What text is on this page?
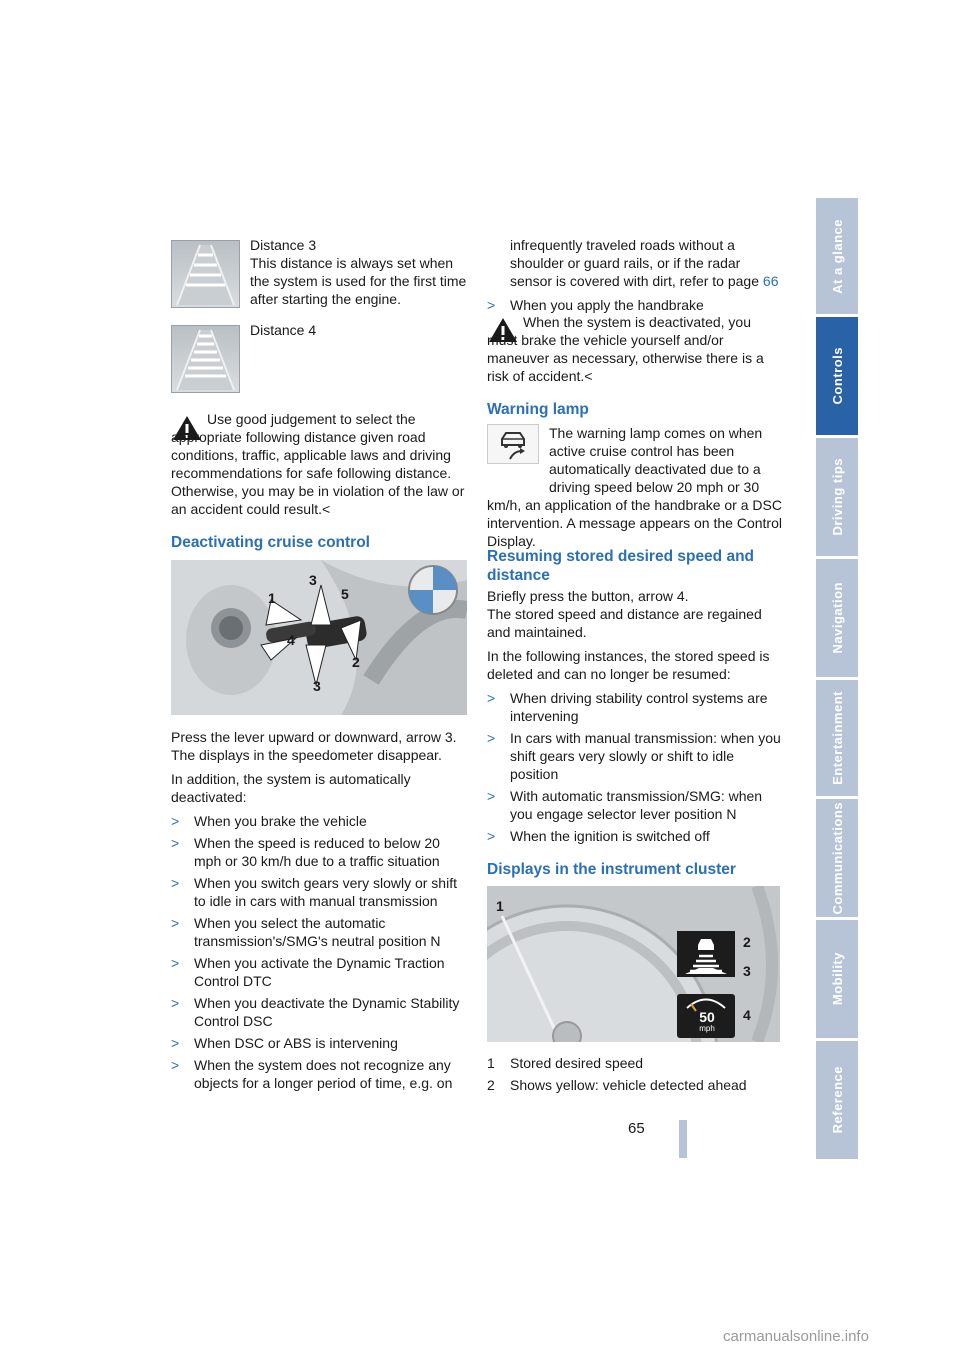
At a glance
Controls
Driving tips
Navigation
Entertainment
Communications
Mobility
Reference
65

Distance 3

This distance is always set when the system is used for the first time after starting the engine.

Distance 4
Use good judgement to select the appropriate following distance given road conditions, traffic, applicable laws and driving recommendations for safe following distance. Otherwise, you may be in violation of the law or an accident could result.<
Deactivating cruise control
1
3
4
5
2
3

Press the lever upward or downward, arrow 3. The displays in the speedometer disappear.

In addition, the system is automatically deactivated:

> When you brake the vehicle
> When the speed is reduced to below 20 mph or 30 km/h due to a traffic situation
> When you switch gears very slowly or shift to idle in cars with manual transmission
> When you select the automatic transmission's/SMG's neutral position N
> When you activate the Dynamic Traction Control DTC
> When you deactivate the Dynamic Stability Control DSC
> When DSC or ABS is intervening
> When the system does not recognize any objects for a longer period of time, e.g. on
infrequently traveled roads without a shoulder or guard rails, or if the radar sensor is covered with dirt, refer to page 66
> When you apply the handbrake
When the system is deactivated, you must brake the vehicle yourself and/or maneuver as necessary, otherwise there is a risk of accident.<
Warning lamp
The warning lamp comes on when active cruise control has been automatically deactivated due to a driving speed below 20 mph or 30 km/h, an application of the handbrake or a DSC intervention. A message appears on the Control Display.
Resuming stored desired speed and distance

Briefly press the button, arrow 4.

The stored speed and distance are regained and maintained.

In the following instances, the stored speed is deleted and can no longer be resumed:

> When driving stability control systems are intervening
> In cars with manual transmission: when you shift gears very slowly or shift to idle position
> With automatic transmission/SMG: when you engage selector lever position N
> When the ignition is switched off
Displays in the instrument cluster
50
mph
1
2
3
4
1 Stored desired speed
2 Shows yellow: vehicle detected ahead
carmanualsonline.info
